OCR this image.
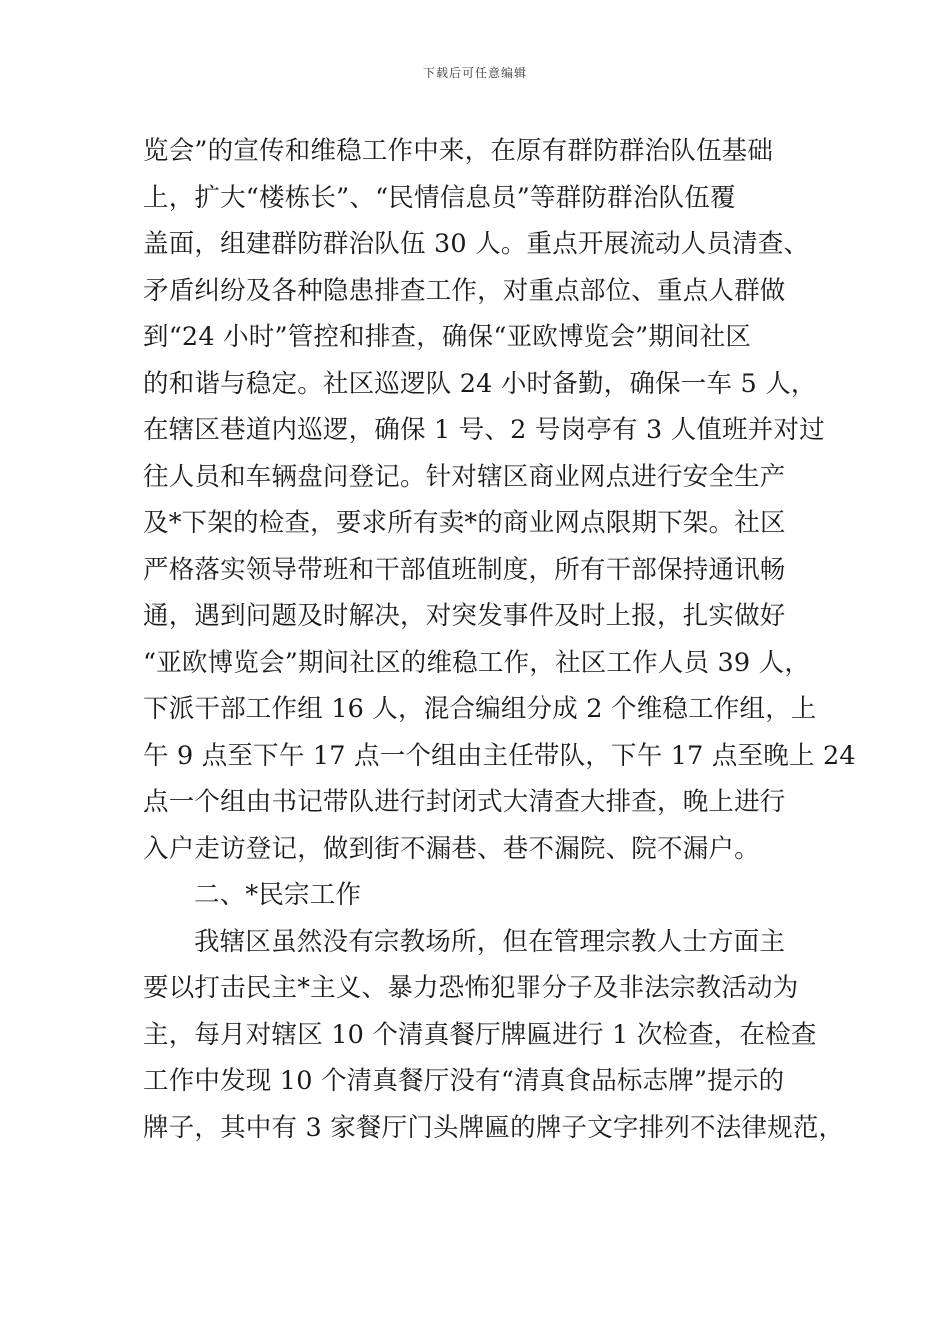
下载后可任意编辑
览会”的宣传和维稳工作中来，在原有群防群治队伍基础
上，扩大“楼栋长”、“民情信息员”等群防群治队伍覆
盖面，组建群防群治队伍 30 人。重点开展流动人员清查、
矛盾纠纷及各种隐患排查工作，对重点部位、重点人群做
到“24 小时”管控和排查，确保“亚欧博览会”期间社区
的和谐与稳定。社区巡逻队 24 小时备勤，确保一车 5 人，
在辖区巷道内巡逻，确保 1 号、2 号岗亭有 3 人值班并对过
往人员和车辆盘问登记。针对辖区商业网点进行安全生产
及*下架的检查，要求所有卖*的商业网点限期下架。社区
严格落实领导带班和干部值班制度，所有干部保持通讯畅
通，遇到问题及时解决，对突发事件及时上报，扎实做好
“亚欧博览会”期间社区的维稳工作，社区工作人员 39 人，
下派干部工作组 16 人，混合编组分成 2 个维稳工作组，上
午 9 点至下午 17 点一个组由主任带队，下午 17 点至晚上 24
点一个组由书记带队进行封闭式大清查大排查，晚上进行
入户走访登记，做到街不漏巷、巷不漏院、院不漏户。
二、*民宗工作
我辖区虽然没有宗教场所，但在管理宗教人士方面主
要以打击民主*主义、暴力恐怖犯罪分子及非法宗教活动为
主，每月对辖区 10 个清真餐厅牌匾进行 1 次检查，在检查
工作中发现 10 个清真餐厅没有“清真食品标志牌”提示的
牌子，其中有 3 家餐厅门头牌匾的牌子文字排列不法律规范，
